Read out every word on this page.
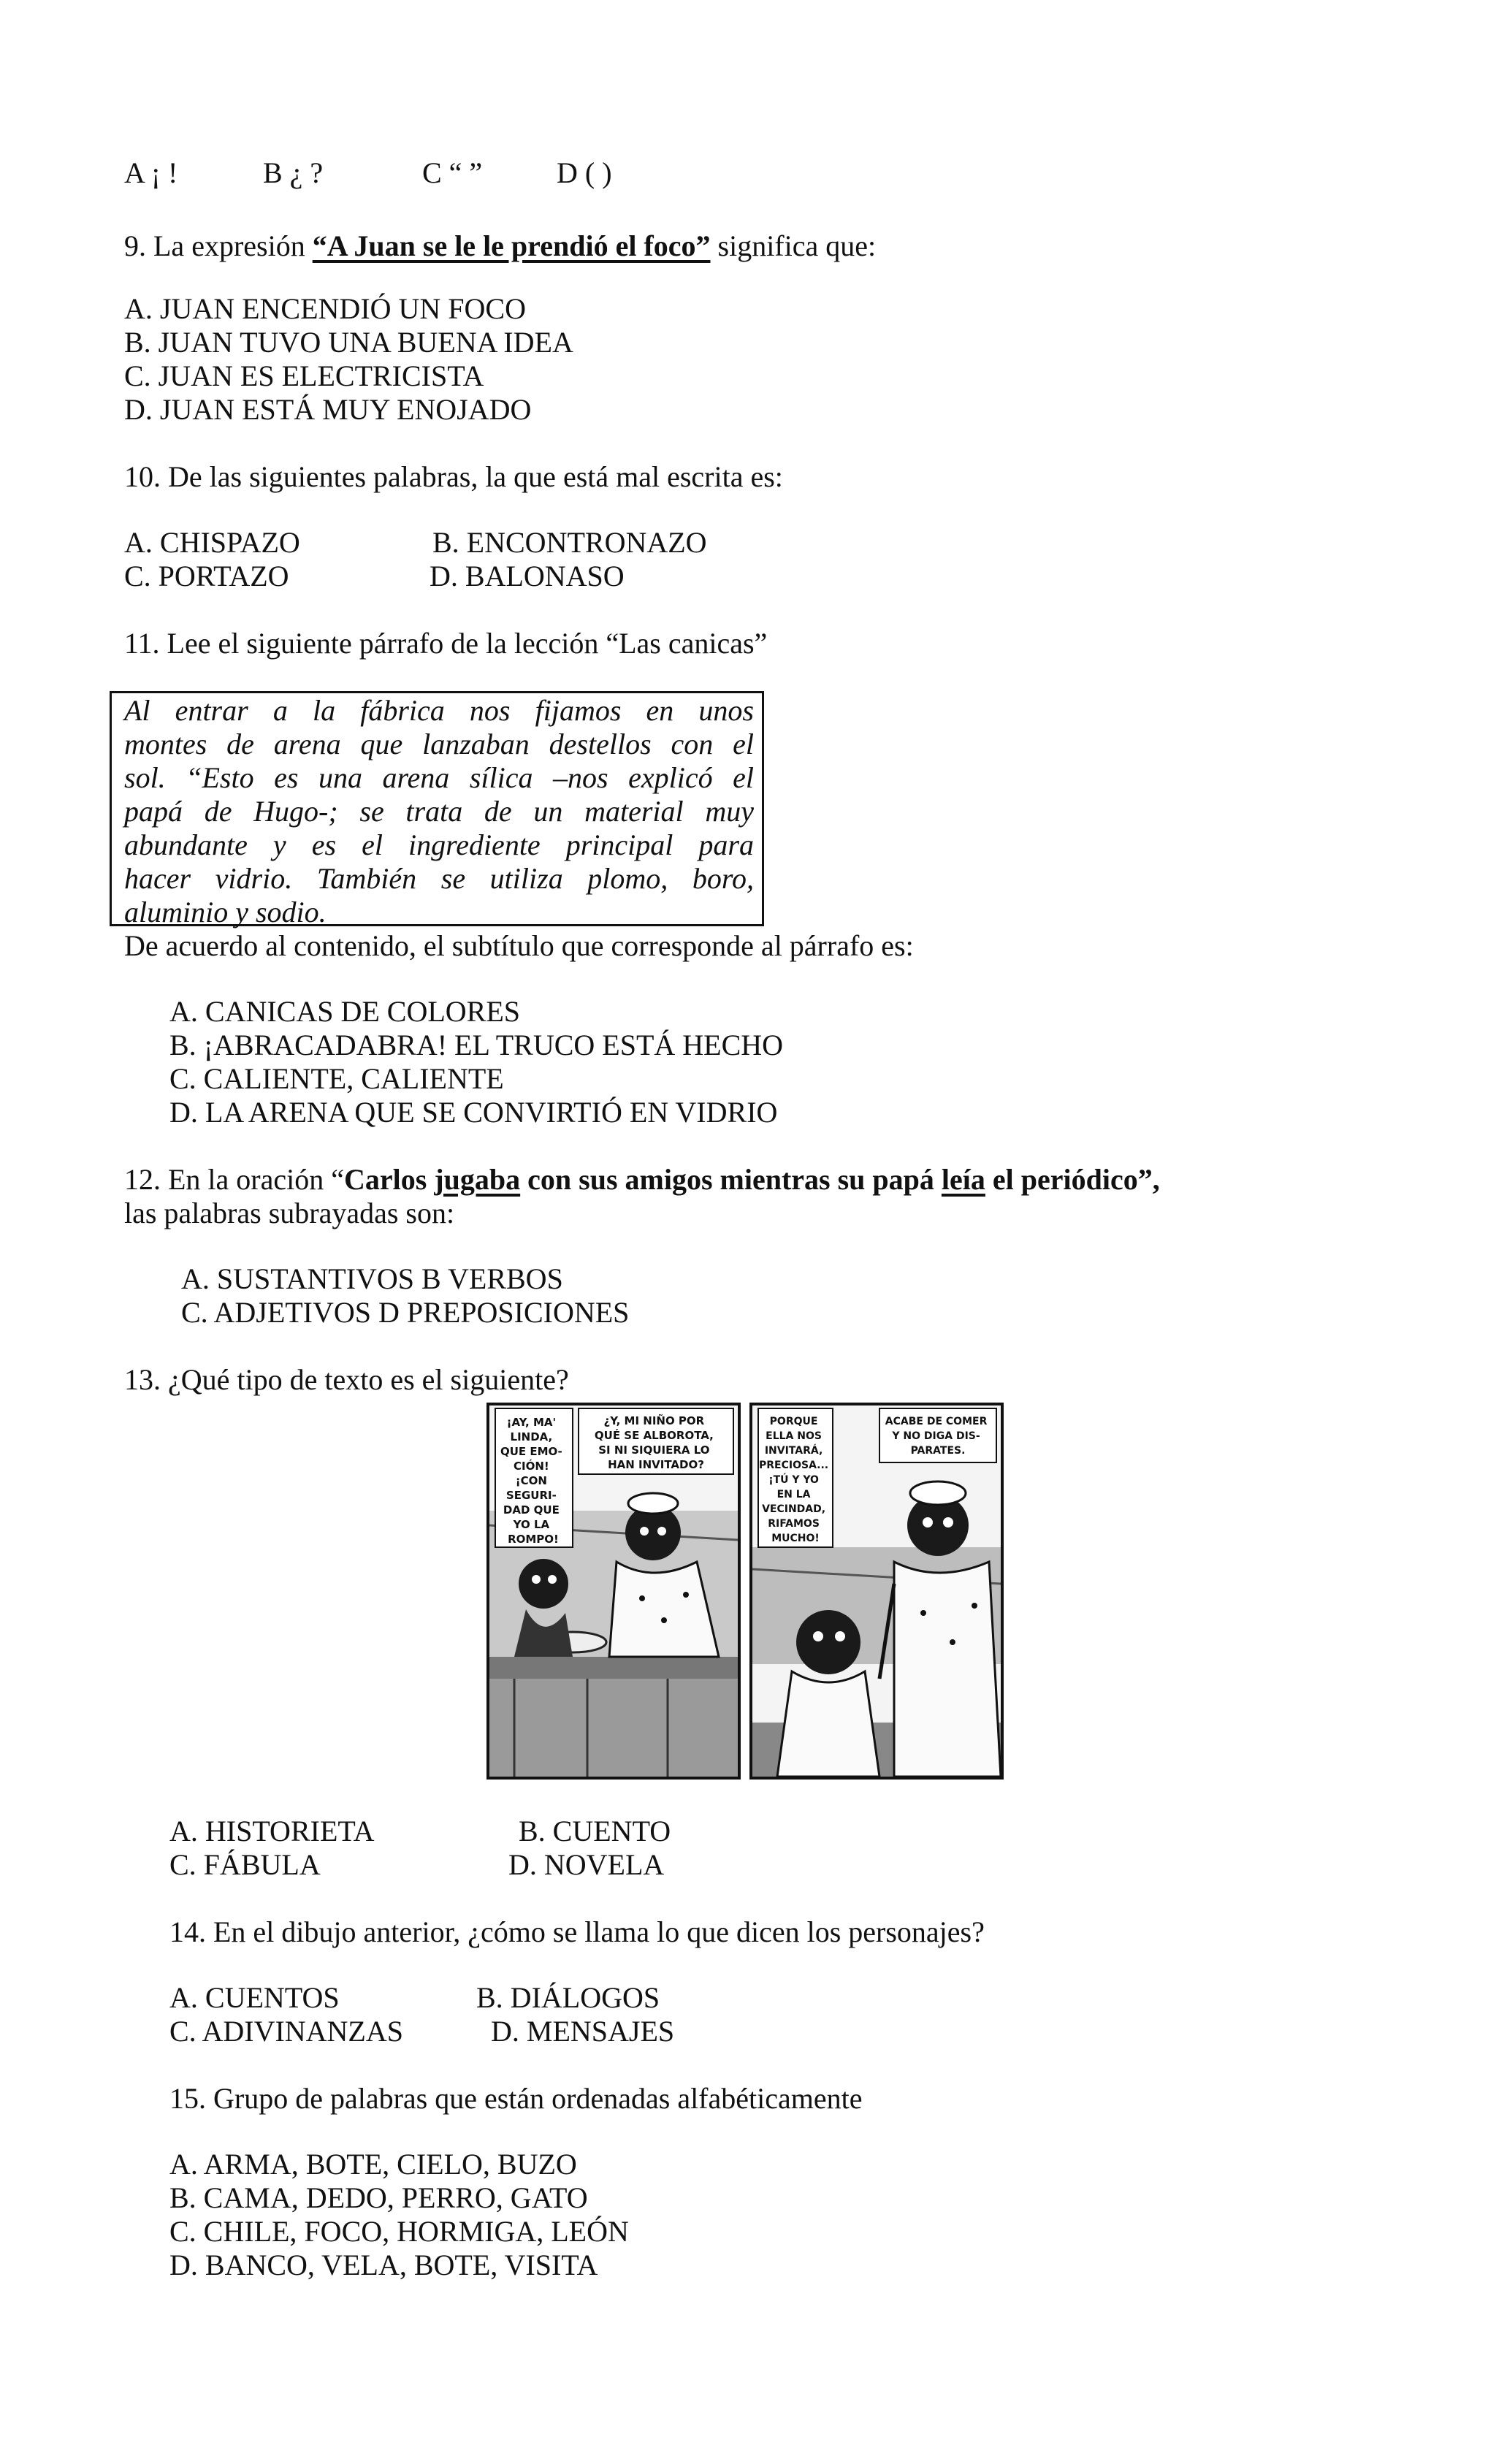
A ¡ !	B ¿ ?	C “ ”	D ( )
9. La expresión “A Juan se le le prendió el foco” significa que:
A. JUAN ENCENDIÓ UN FOCO
B. JUAN TUVO UNA BUENA IDEA
C. JUAN ES ELECTRICISTA
D. JUAN ESTÁ MUY ENOJADO
10. De las siguientes palabras, la que está mal escrita es:
A. CHISPAZO	B. ENCONTRONAZO
C. PORTAZO	D. BALONASO
11. Lee el siguiente párrafo de la lección “Las canicas”
Al entrar a la fábrica nos fijamos en unos
montes de arena que lanzaban destellos con el
sol. “Esto es una arena sílica –nos explicó el
papá de Hugo-; se trata de un material muy
abundante y es el ingrediente principal para
hacer vidrio. También se utiliza plomo, boro,
aluminio y sodio.
De acuerdo al contenido, el subtítulo que corresponde al párrafo es:
A. CANICAS DE COLORES
B. ¡ABRACADABRA! EL TRUCO ESTÁ HECHO
C. CALIENTE, CALIENTE
D. LA ARENA QUE SE CONVIRTIÓ EN VIDRIO
12. En la oración “Carlos jugaba con sus amigos mientras su papá leía el periódico”,
las palabras subrayadas son:
A. SUSTANTIVOS B VERBOS
C. ADJETIVOS D PREPOSICIONES
13. ¿Qué tipo de texto es el siguiente?
¡AY, MA' LINDA, QUE EMO- CIÓN! ¡CON SEGURI- DAD QUE YO LA ROMPO!
¿Y, MI NIÑO POR QUÉ SE ALBOROTA, SI NI SIQUIERA LO HAN INVITADO?
PORQUE ELLA NOS INVITARÁ, PRECIOSA... ¡TÚ Y YO EN LA VECINDAD, RIFAMOS MUCHO!
ACABE DE COMER Y NO DIGA DIS- PARATES.
A. HISTORIETA	B. CUENTO
C. FÁBULA	D. NOVELA
14. En el dibujo anterior, ¿cómo se llama lo que dicen los personajes?
A. CUENTOS	B. DIÁLOGOS
C. ADIVINANZAS	D. MENSAJES
15. Grupo de palabras que están ordenadas alfabéticamente
A. ARMA, BOTE, CIELO, BUZO
B. CAMA, DEDO, PERRO, GATO
C. CHILE, FOCO, HORMIGA, LEÓN
D. BANCO, VELA, BOTE, VISITA
